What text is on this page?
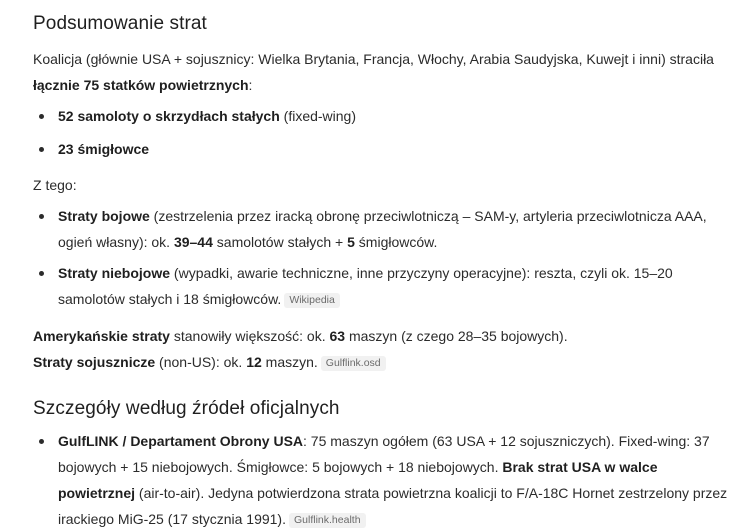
Podsumowanie strat

Koalicja (głównie USA + sojusznicy: Wielka Brytania, Francja, Włochy, Arabia Saudyjska, Kuwejt i inni) straciła łącznie 75 statków powietrznych:

52 samoloty o skrzydłach stałych (fixed-wing)
23 śmigłowce

Z tego:

Straty bojowe (zestrzelenia przez iracką obronę przeciwlotniczą – SAM-y, artyleria przeciwlotnicza AAA, ogień własny): ok. 39–44 samolotów stałych + 5 śmigłowców.
Straty niebojowe (wypadki, awarie techniczne, inne przyczyny operacyjne): reszta, czyli ok. 15–20 samolotów stałych i 18 śmigłowców. Wikipedia

Amerykańskie straty stanowiły większość: ok. 63 maszyn (z czego 28–35 bojowych).

Straty sojusznicze (non-US): ok. 12 maszyn. Gulflink.osd

Szczegóły według źródeł oficjalnych
GulfLINK / Departament Obrony USA: 75 maszyn ogółem (63 USA + 12 sojuszniczych). Fixed-wing: 37 bojowych + 15 niebojowych. Śmigłowce: 5 bojowych + 18 niebojowych. Brak strat USA w walce powietrznej (air-to-air). Jedyna potwierdzona strata powietrzna koalicji to F/A-18C Hornet zestrzelony przez irackiego MiG-25 (17 stycznia 1991). Gulflink.health
